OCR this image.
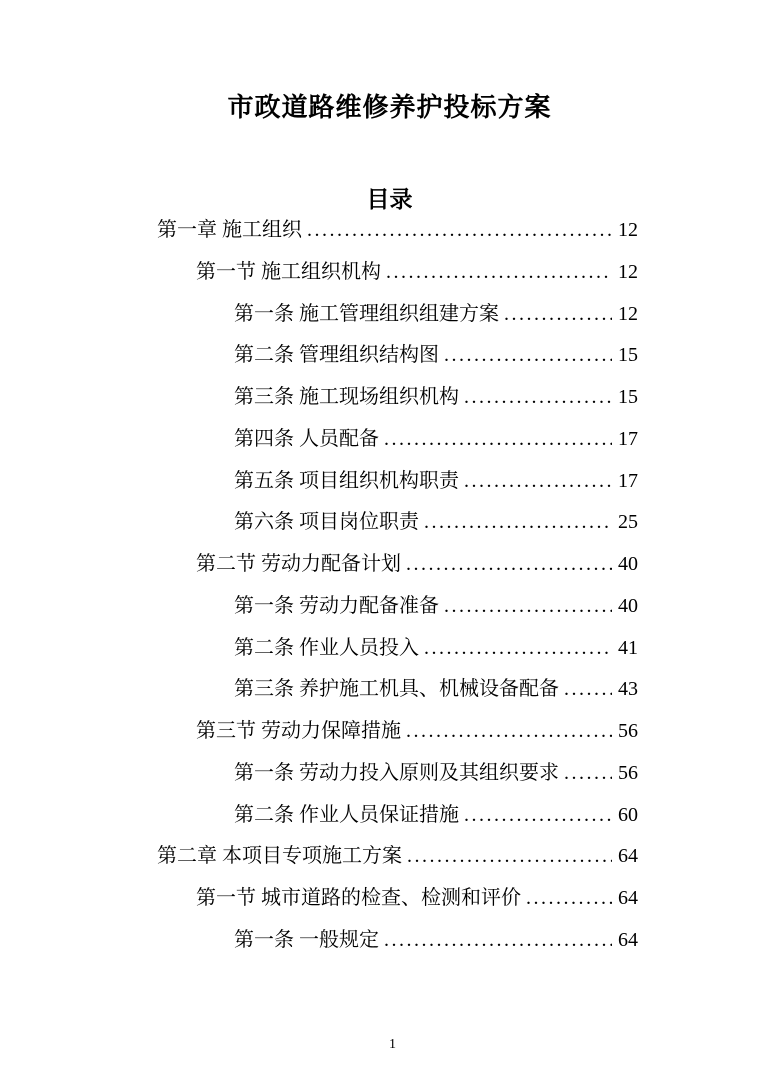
市政道路维修养护投标方案
目录
第一章 施工组织 .....	12
第一节 施工组织机构 .....	12
第一条 施工管理组织组建方案 .....	12
第二条 管理组织结构图 .....	15
第三条 施工现场组织机构 .....	15
第四条 人员配备 .....	17
第五条 项目组织机构职责 .....	17
第六条 项目岗位职责 .....	25
第二节 劳动力配备计划 .....	40
第一条 劳动力配备准备 .....	40
第二条 作业人员投入 .....	41
第三条 养护施工机具、机械设备配备 .....	43
第三节 劳动力保障措施 .....	56
第一条 劳动力投入原则及其组织要求 .....	56
第二条 作业人员保证措施 .....	60
第二章 本项目专项施工方案 .....	64
第一节 城市道路的检查、检测和评价 .....	64
第一条 一般规定 .....	64
1
